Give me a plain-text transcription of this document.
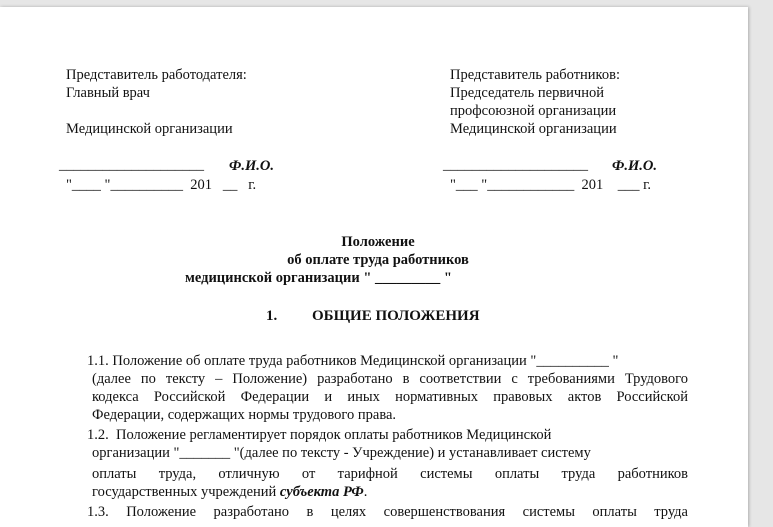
Представитель работодателя:
Главный врач
Медицинской организации
____________________ Ф.И.О.
"____ "__________  201   __   г.
Представитель работников:
Председатель первичной
профсоюзной организации
Медицинской организации
____________________ Ф.И.О.
"___ "____________  201    ___ г.
Положение
об оплате труда работников
медицинской организации " _________ "
1. ОБЩИЕ ПОЛОЖЕНИЯ
1.1. Положение об оплате труда работников Медицинской организации "__________ "
(далее по тексту – Положение) разработано в соответствии с требованиями Трудового
кодекса Российской Федерации и иных нормативных правовых актов Российской
Федерации, содержащих нормы трудового права.
1.2.  Положение регламентирует порядок оплаты работников Медицинской
организации "_______ "(далее по тексту - Учреждение) и устанавливает систему
оплаты труда, отличную от тарифной системы оплаты труда работников
государственных учреждений субъекта РФ.
1.3. Положение разработано в целях совершенствования системы оплаты труда
